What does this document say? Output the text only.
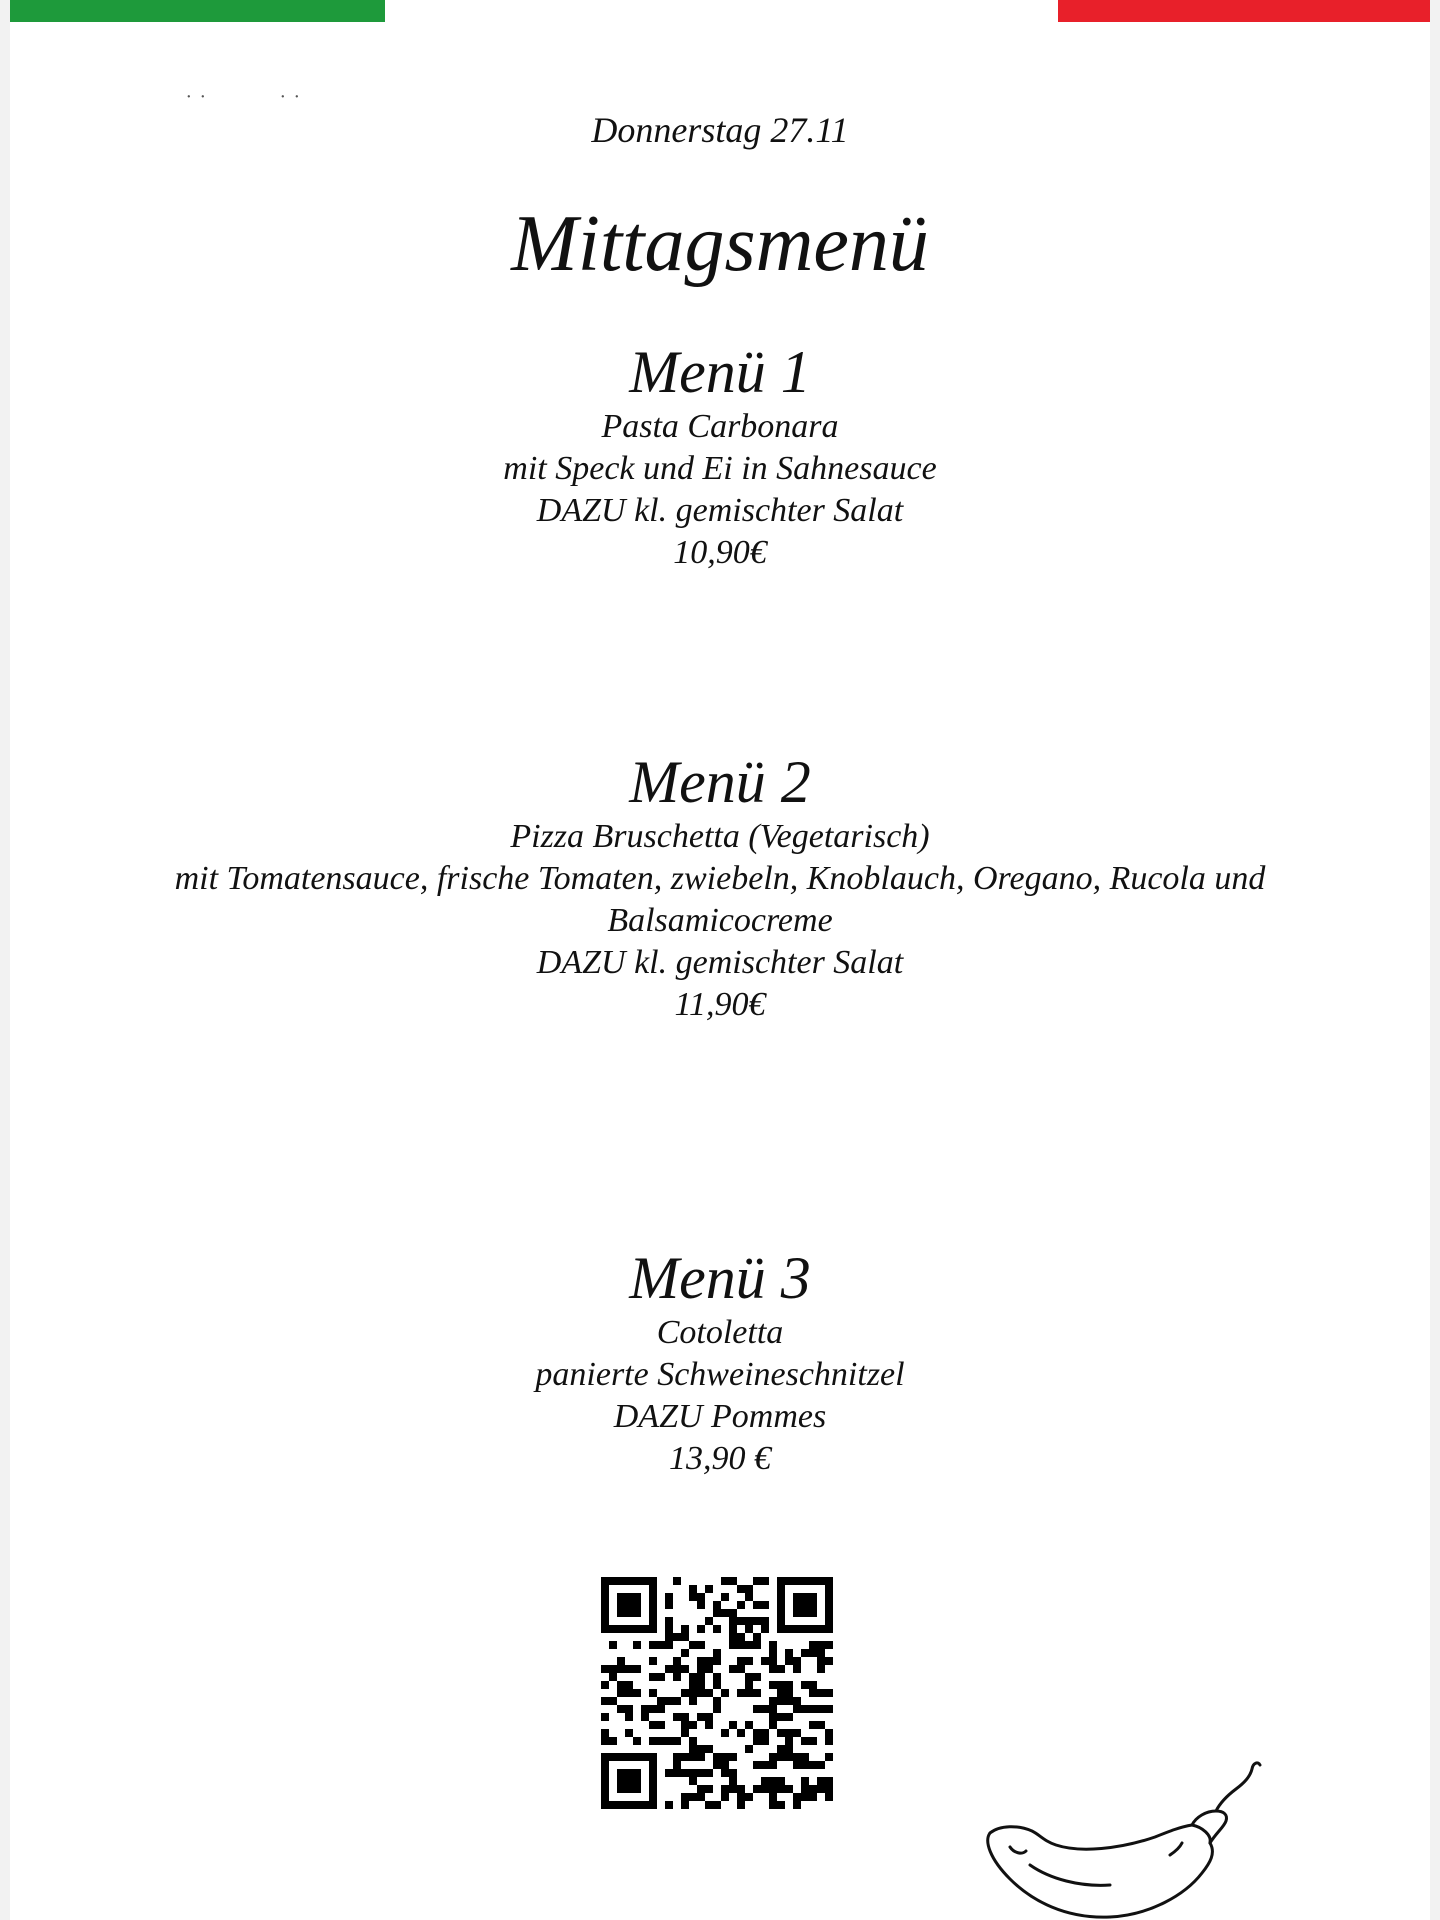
· ·	· ·
Donnerstag 27.11
Mittagsmenü

Menü 1

Pasta Carbonara

mit Speck und Ei in Sahnesauce

DAZU kl. gemischter Salat

10,90€

Menü 2

Pizza Bruschetta (Vegetarisch)

mit Tomatensauce, frische Tomaten, zwiebeln, Knoblauch, Oregano, Rucola und

Balsamicocreme

DAZU kl. gemischter Salat

11,90€

Menü 3

Cotoletta

panierte Schweineschnitzel

DAZU Pommes

13,90 €
